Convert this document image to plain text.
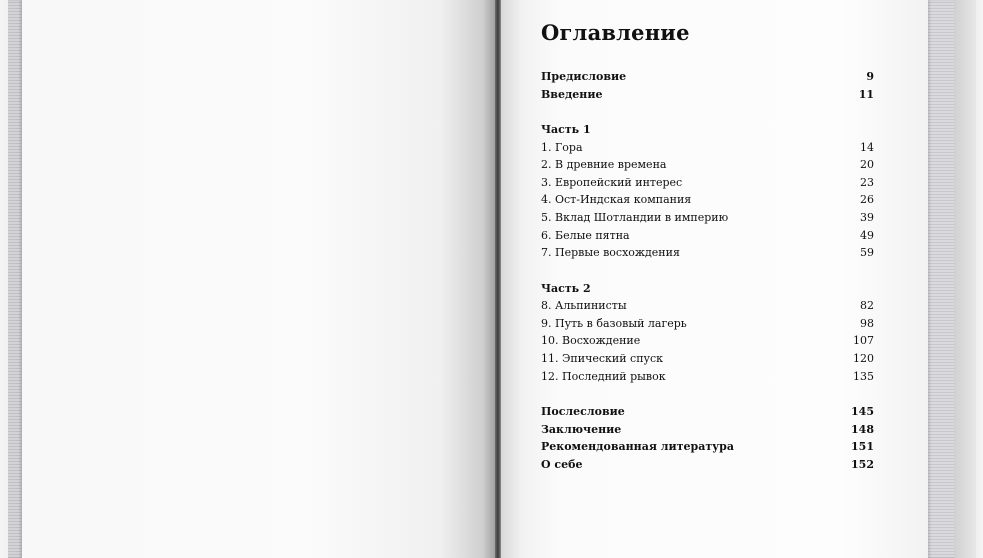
Оглавление
Предисловие	9
Введение	11
Часть 1
1. Гора	14
2. В древние времена	20
3. Европейский интерес	23
4. Ост-Индская компания	26
5. Вклад Шотландии в империю	39
6. Белые пятна	49
7. Первые восхождения	59
Часть 2
8. Альпинисты	82
9. Путь в базовый лагерь	98
10. Восхождение	107
11. Эпический спуск	120
12. Последний рывок	135
Послесловие	145
Заключение	148
Рекомендованная литература	151
О себе	152
